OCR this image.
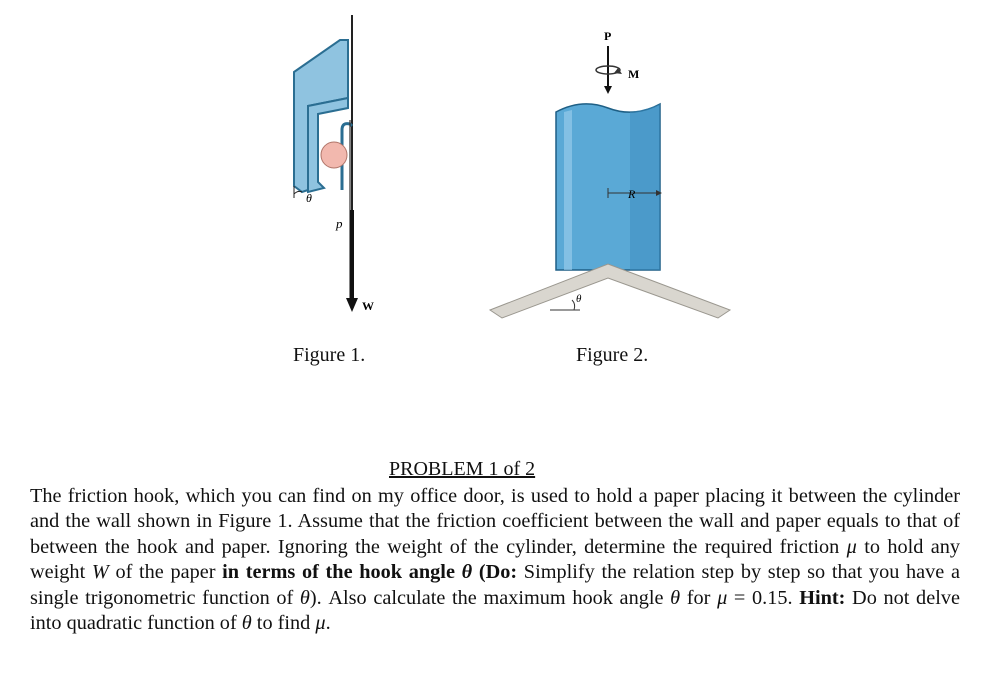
θ
p
W
Figure 1.
P
M
R
θ
Figure 2.
PROBLEM 1 of 2

The friction hook, which you can find on my office door, is used to hold a paper placing it between the cylinder and the wall shown in Figure 1. Assume that the friction coefficient between the wall and paper equals to that of between the hook and paper. Ignoring the weight of the cylinder, determine the required friction μ to hold any weight W of the paper in terms of the hook angle θ (Do: Simplify the relation step by step so that you have a single trigonometric function of θ). Also calculate the maximum hook angle θ for μ = 0.15. Hint: Do not delve into quadratic function of θ to find μ.
